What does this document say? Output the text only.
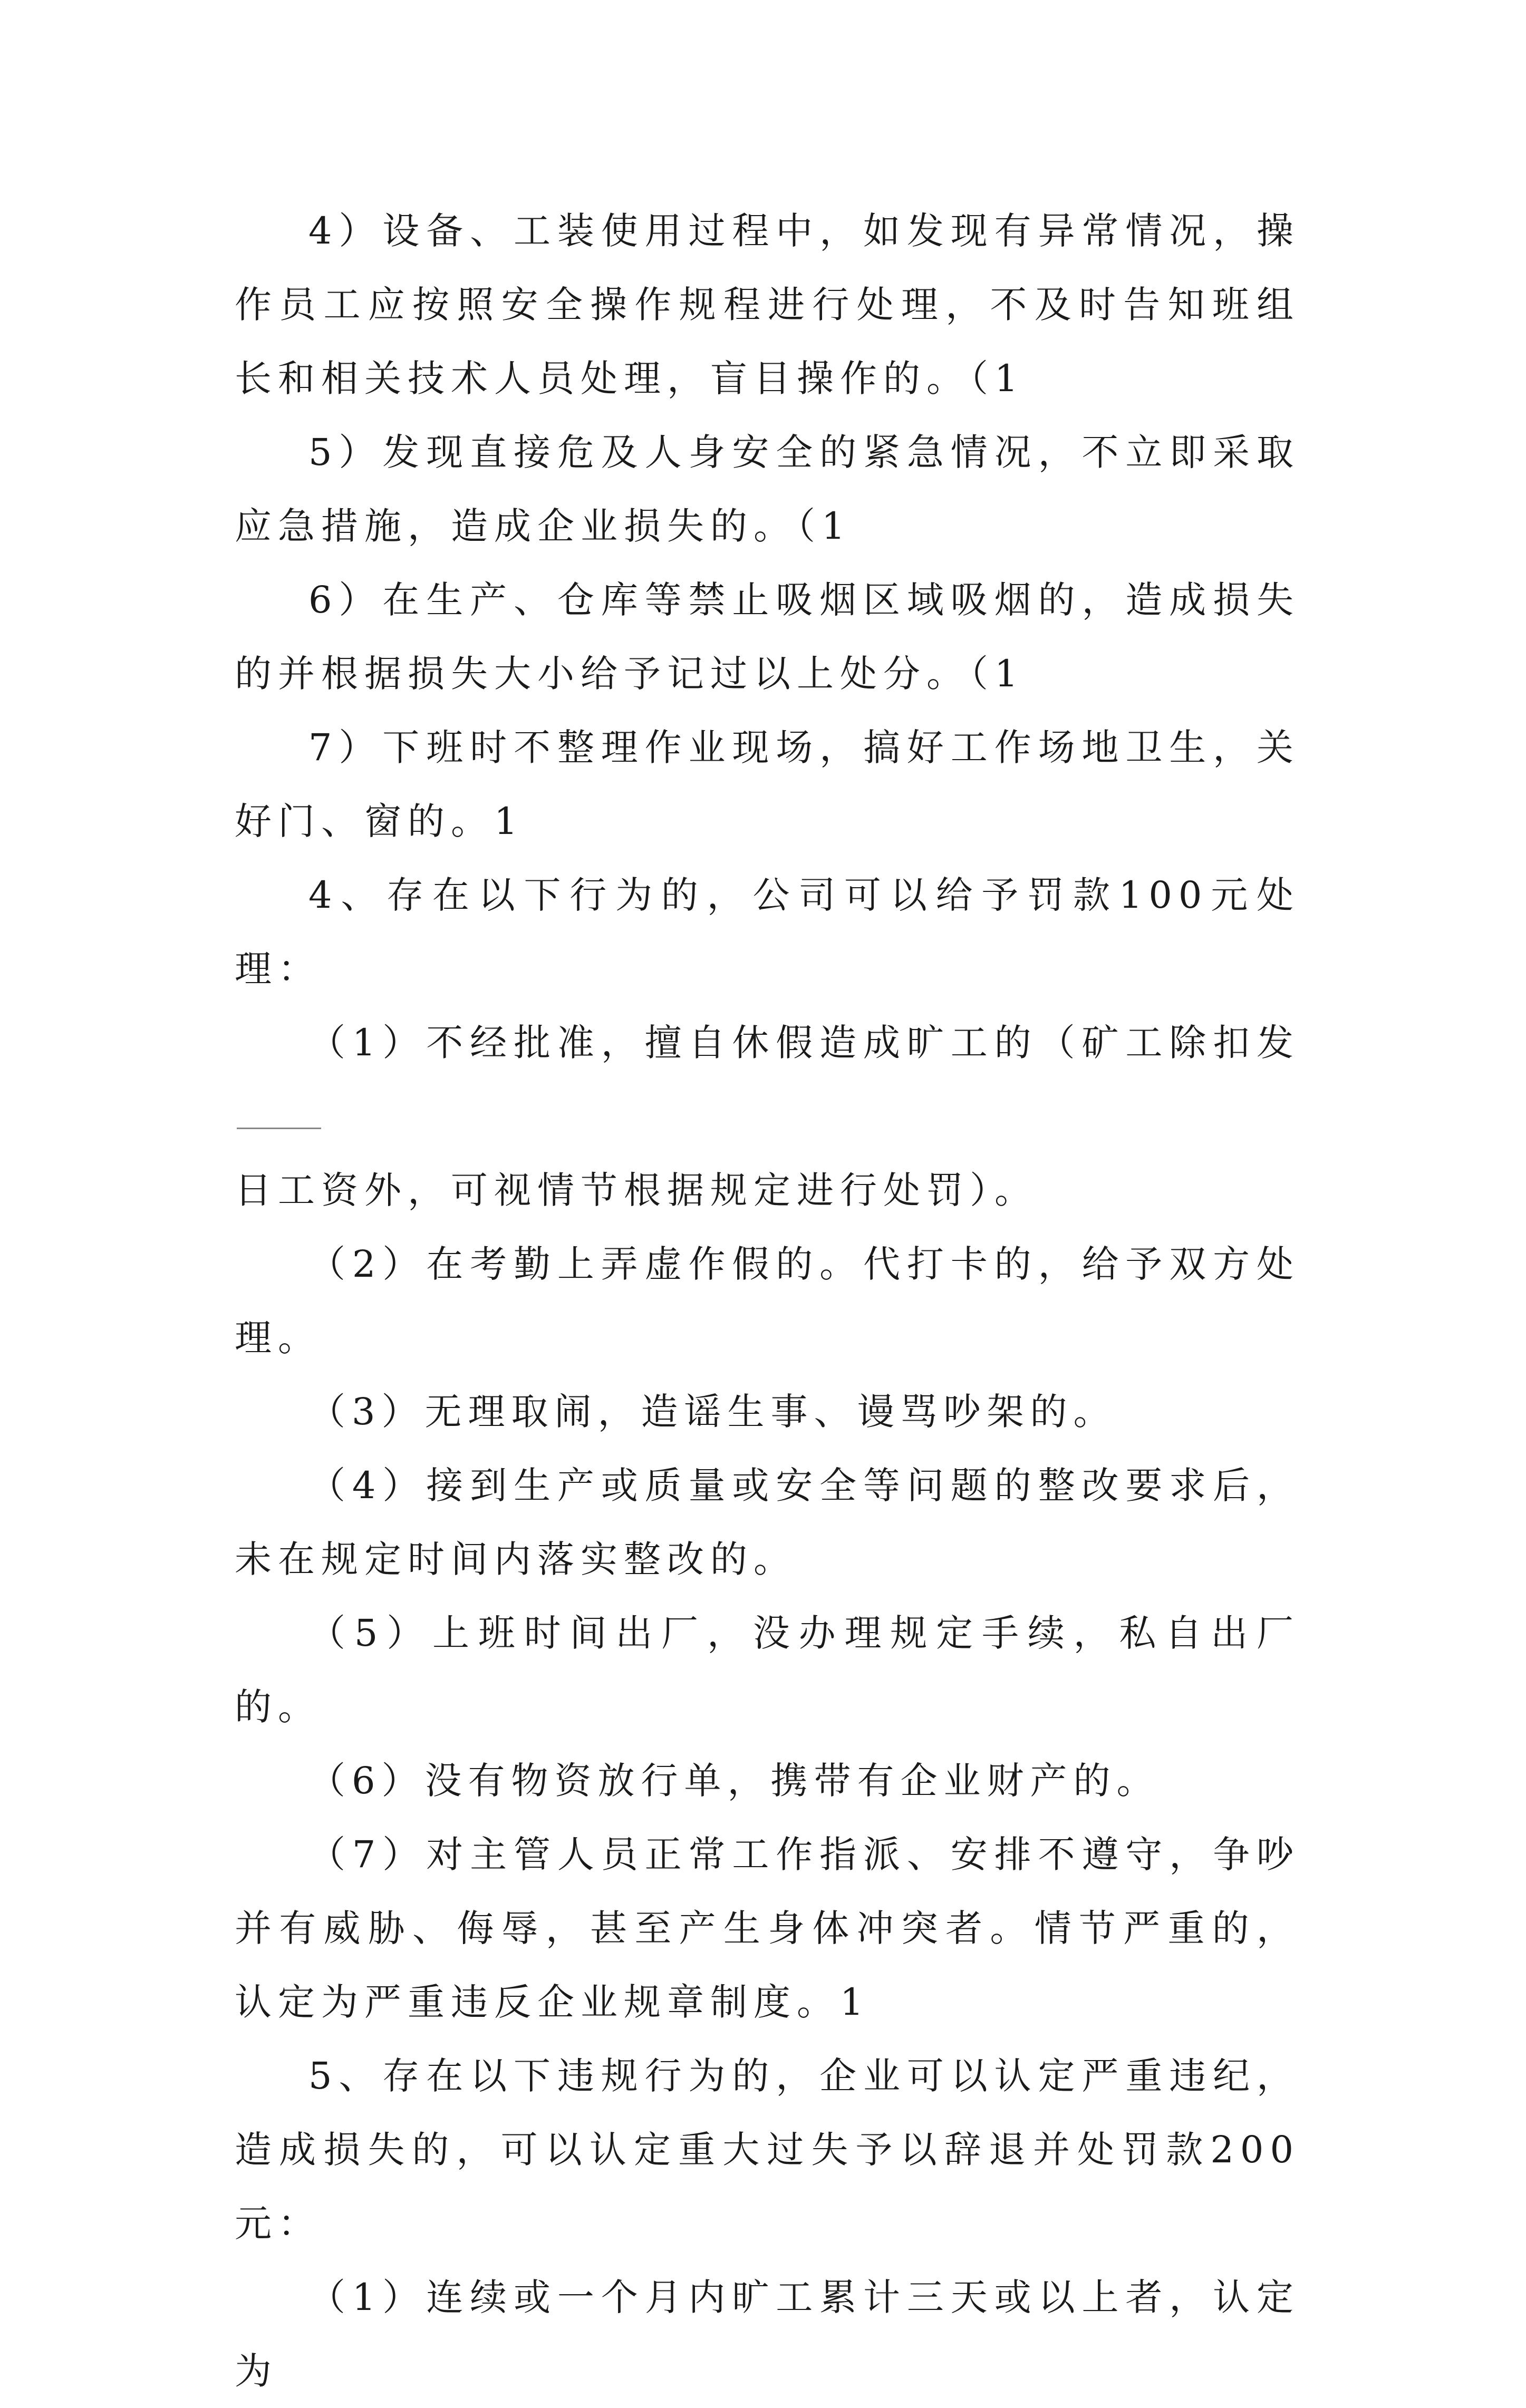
4）设备、工装使用过程中，如发现有异常情况，操作员工应按照安全操作规程进行处理，不及时告知班组长和相关技术人员处理，盲目操作的。（1

5）发现直接危及人身安全的紧急情况，不立即采取应急措施，造成企业损失的。（1

6）在生产、仓库等禁止吸烟区域吸烟的，造成损失的并根据损失大小给予记过以上处分。（1

7）下班时不整理作业现场，搞好工作场地卫生，关好门、窗的。1

4、存在以下行为的，公司可以给予罚款100元处理：

（1）不经批准，擅自休假造成旷工的（矿工除扣发
日工资外，可视情节根据规定进行处罚）。

（2）在考勤上弄虚作假的。代打卡的，给予双方处理。

（3）无理取闹，造谣生事、谩骂吵架的。

（4）接到生产或质量或安全等问题的整改要求后，未在规定时间内落实整改的。

（5）上班时间出厂，没办理规定手续，私自出厂的。

（6）没有物资放行单，携带有企业财产的。

（7）对主管人员正常工作指派、安排不遵守，争吵并有威胁、侮辱，甚至产生身体冲突者。情节严重的，认定为严重违反企业规章制度。1

5、存在以下违规行为的，企业可以认定严重违纪，造成损失的，可以认定重大过失予以辞退并处罚款200元：

（1）连续或一个月内旷工累计三天或以上者，认定为
